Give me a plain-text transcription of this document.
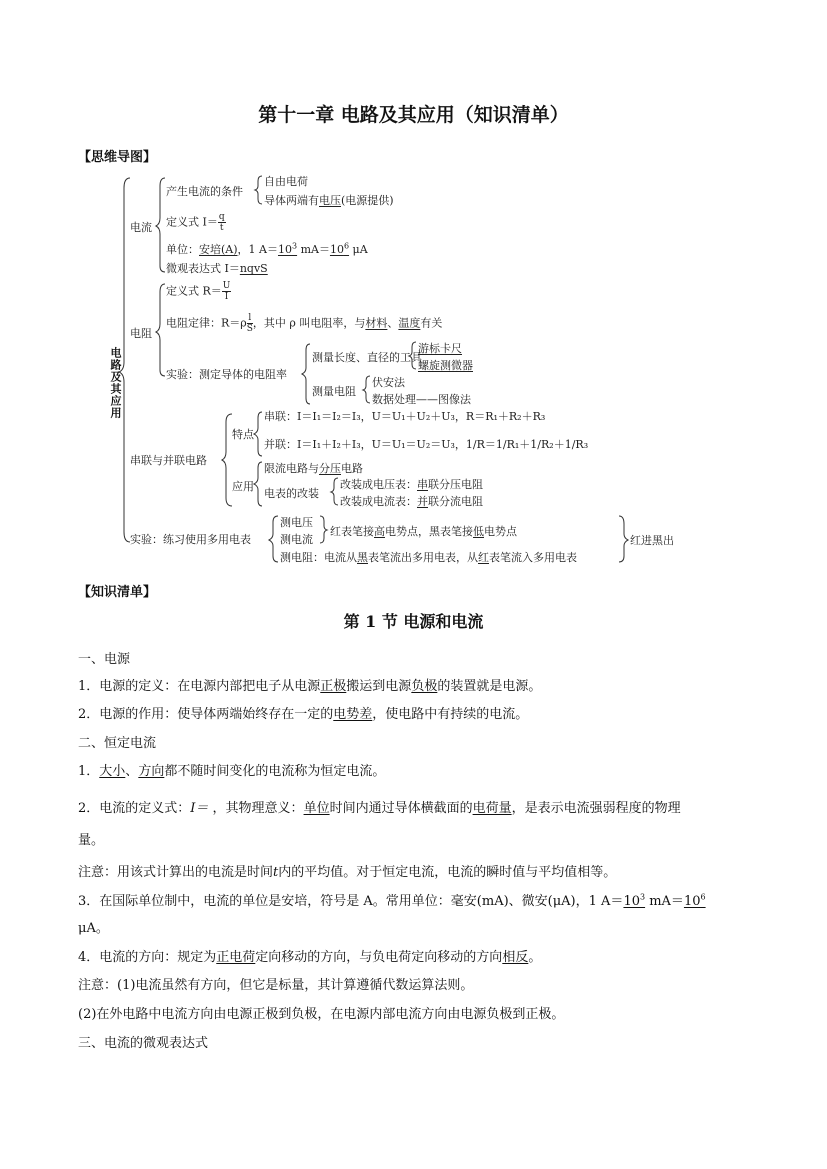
第十一章 电路及其应用（知识清单）
【思维导图】
电路及其应用
电流
产生电流的条件
自由电荷
导体两端有电压(电源提供)
定义式 $I= \frac{q}{t}$
单位：安培(A)，1 $A=10^3$ $mA=10^6$ μA
微观表达式 I＝nqvS
电阻
定义式 $R= \frac{U}{I}$
电阻定律：$R=\rho \frac{l}{S}$ ，其中 ρ 叫电阻率，与材料、温度有关
实验：测定导体的电阻率
测量长度、直径的工具
游标卡尺
螺旋测微器
测量电阻
伏安法
数据处理——图像法
串联与并联电路
特点
串联：I＝I₁＝I₂＝I₃，U＝U₁＋U₂＋U₃，R＝R₁＋R₂＋R₃
并联：I＝I₁＋I₂＋I₃，U＝U₁＝U₂＝U₃，1/R＝1/R₁＋1/R₂＋1/R₃
应用
限流电路与分压电路
电表的改装
改装成电压表：串联分压电阻
改装成电流表：并联分流电阻
实验：练习使用多用电表
测电压
测电流
红表笔接高电势点，黑表笔接低电势点
测电阻：电流从黑表笔流出多用电表，从红表笔流入多用电表
红进黑出
【知识清单】
第 1 节 电源和电流
一、电源
1．电源的定义：在电源内部把电子从电源正极搬运到电源负极的装置就是电源。
2．电源的作用：使导体两端始终存在一定的电势差，使电路中有持续的电流。
二、恒定电流
1．大小、方向都不随时间变化的电流称为恒定电流。
2．电流的定义式：I＝ ，其物理意义：单位时间内通过导体横截面的电荷量，是表示电流强弱程度的物理
量。
注意：用该式计算出的电流是时间t内的平均值。对于恒定电流，电流的瞬时值与平均值相等。
3．在国际单位制中，电流的单位是安培，符号是 A。常用单位：毫安(mA)、微安(μA)，1 $A=10^3$ $mA=10^6$
μA。
4．电流的方向：规定为正电荷定向移动的方向，与负电荷定向移动的方向相反。
注意：(1)电流虽然有方向，但它是标量，其计算遵循代数运算法则。
(2)在外电路中电流方向由电源正极到负极，在电源内部电流方向由电源负极到正极。
三、电流的微观表达式
